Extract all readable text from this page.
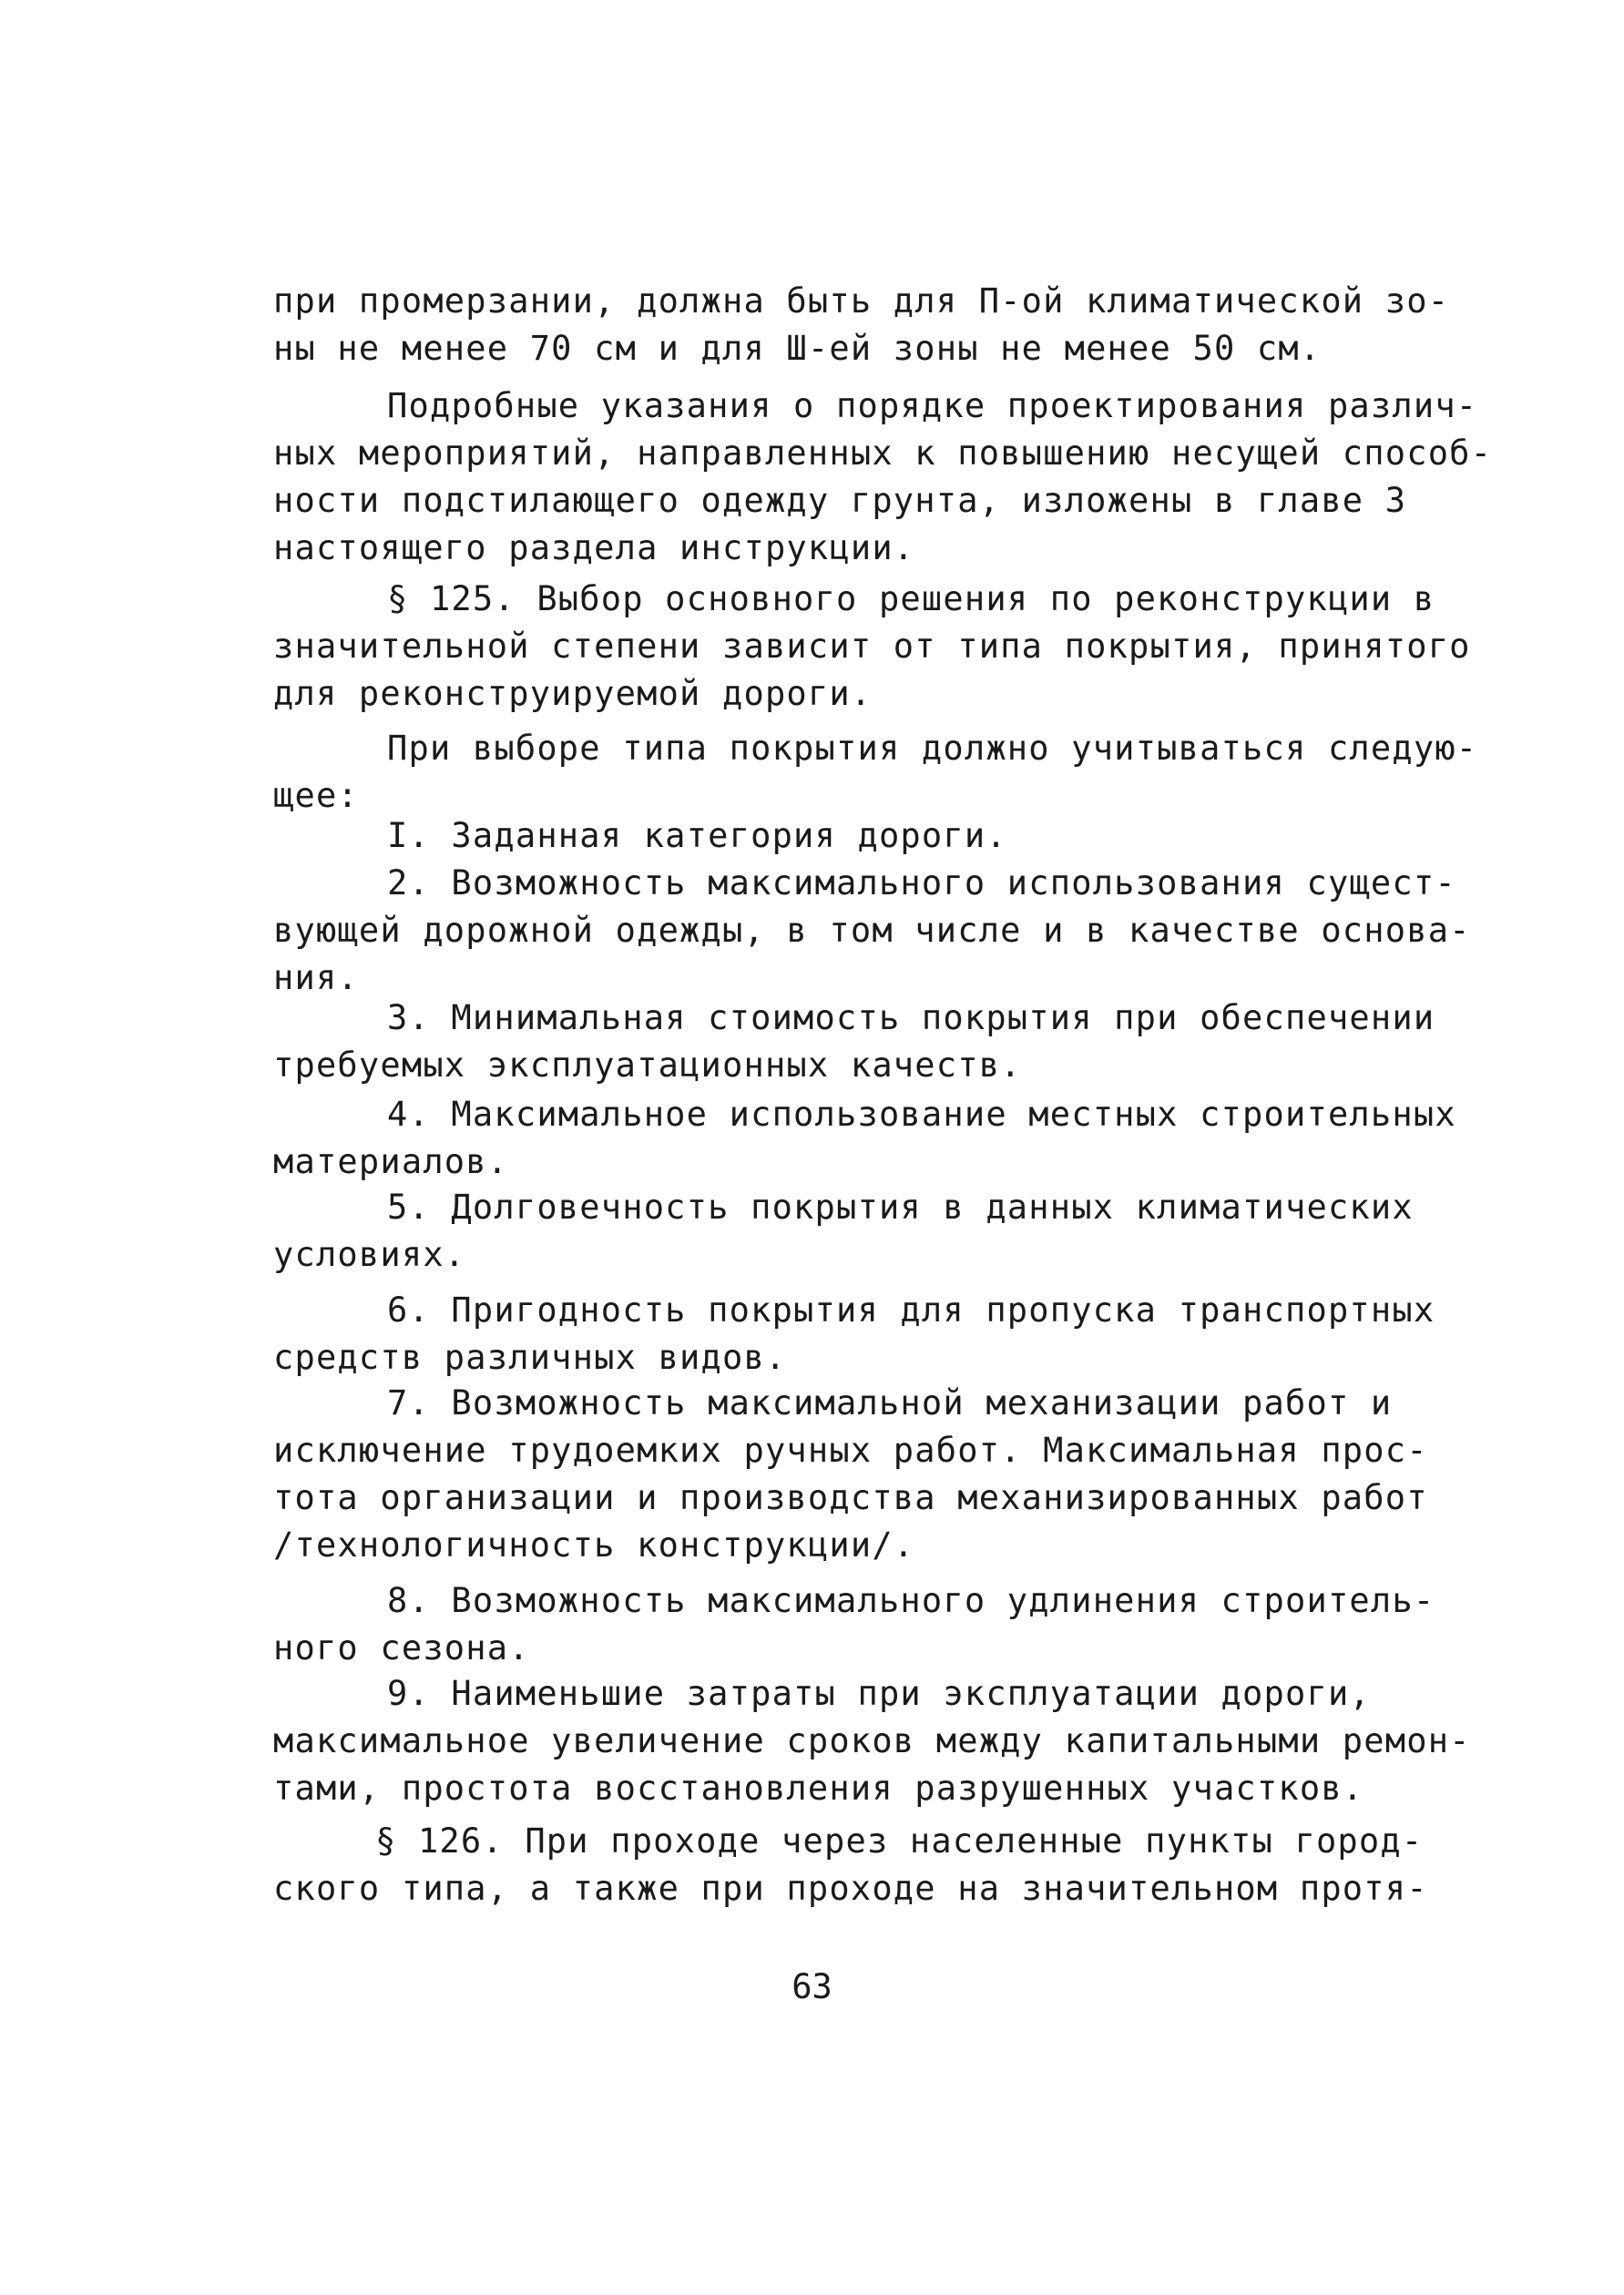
при промерзании, должна быть для П-ой климатической зо-
ны не менее 70 см и для Ш-ей зоны не менее 50 см.
Подробные указания о порядке проектирования различ-
ных мероприятий, направленных к повышению несущей способ-
ности подстилающего одежду грунта, изложены в главе 3
настоящего раздела инструкции.
§ 125. Выбор основного решения по реконструкции в
значительной степени зависит от типа покрытия, принятого
для реконструируемой дороги.
При выборе типа покрытия должно учитываться следую-
щее:
I. Заданная категория дороги.
2. Возможность максимального использования сущест-
вующей дорожной одежды, в том числе и в качестве основа-
ния.
3. Минимальная стоимость покрытия при обеспечении
требуемых эксплуатационных качеств.
4. Максимальное использование местных строительных
материалов.
5. Долговечность покрытия в данных климатических
условиях.
6. Пригодность покрытия для пропуска транспортных
средств различных видов.
7. Возможность максимальной механизации работ и
исключение трудоемких ручных работ. Максимальная прос-
тота организации и производства механизированных работ
/технологичность конструкции/.
8. Возможность максимального удлинения строитель-
ного сезона.
9. Наименьшие затраты при эксплуатации дороги,
максимальное увеличение сроков между капитальными ремон-
тами, простота восстановления разрушенных участков.
§ 126. При проходе через населенные пункты город-
ского типа, а также при проходе на значительном протя-
63
